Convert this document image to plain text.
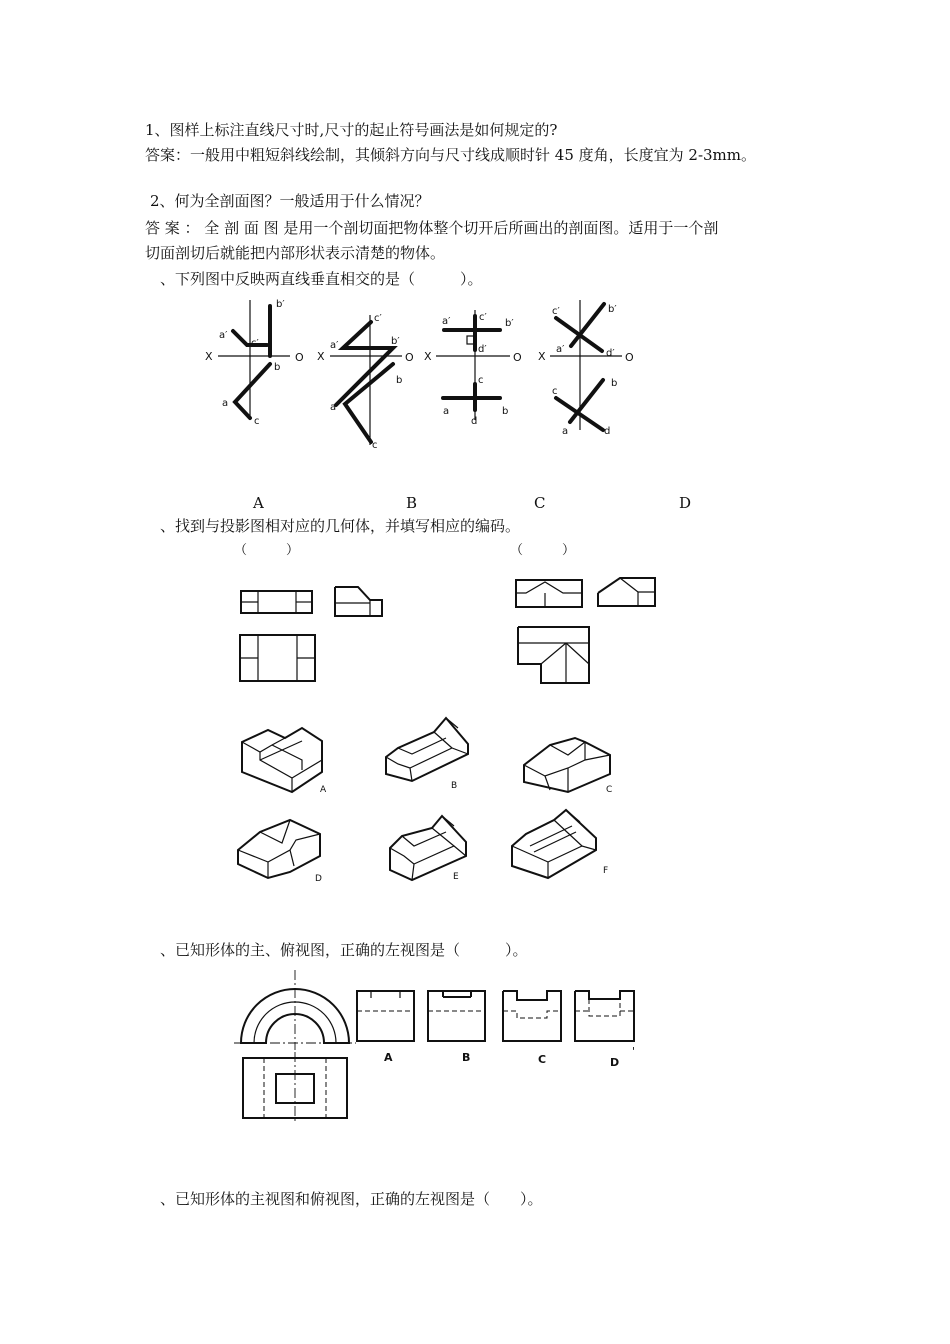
1、图样上标注直线尺寸时,尺寸的起止符号画法是如何规定的?
答案：一般用中粗短斜线绘制，其倾斜方向与尺寸线成顺时针 45 度角，长度宜为 2-3mm。
2、何为全剖面图？一般适用于什么情况？
答 案 ： 全 剖 面 图 是用一个剖切面把物体整个切开后所画出的剖面图。适用于一个剖
切面剖切后就能把内部形状表示清楚的物体。
、下列图中反映两直线垂直相交的是（　　　）。
X	O
b′
a′
c′
b
a
c
X	O
c′
b′
a′
b
a
c
X	O
a′	c′
b′
d′
c
a	b
d
X	O
c′	b′
a′	d′
b
c
a	d
A	B	C	D
、找到与投影图相对应的几何体，并填写相应的编码。
（　　　）	（　　　）
A	B	C
D	E
F
、已知形体的主、俯视图，正确的左视图是（　　　）。
A	B	C	D
'
、已知形体的主视图和俯视图，正确的左视图是（　　）。
